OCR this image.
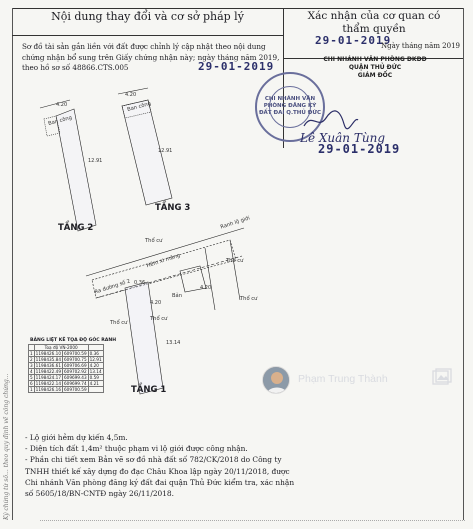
Ký chứng từ số... theo quy định về công chứng...
Nội dung thay đổi và cơ sở pháp lý	Xác nhận của cơ quan có
thẩm quyền
Sơ đồ tài sản gắn liền với đất được chỉnh lý cập nhật theo nội dung chứng nhận bổ sung trên Giấy chứng nhận này; ngày tháng năm 2019, theo hồ sơ số 48866.CTS.005	29-01-2019
29-01-2019
29-01-2019
Ngày tháng năm 2019
CHI NHÁNH VĂN PHÒNG ĐKĐĐ
QUẬN THỦ ĐỨC
GIÁM ĐỐC
CHI NHÁNH VĂN PHÒNG ĐĂNG KÝ ĐẤT ĐAI Q.THỦ ĐỨC
Lê Xuân Tùng
4.20
12.91
Ban công
4.20
12.91
Ban công
TẦNG 2
TẦNG 3
Thổ cư
Ranh lộ giới
Hẻm xi măng
Ra đường số 2
Thổ cư
Thổ cư
Thổ cư
Thổ cư
Bản
0.36
4.20
13.14
4.20
TẦNG 1
BẢNG LIỆT KÊ TỌA ĐỘ GÓC RANH
	Toạ độ VN-2000		
1	1198426.10	609700.59	0.36
2	1198435.84	609700.75	12.91
3	1198436.61	609706.69	4.20
4	1198422.49	609702.92	13.14
5	1198424.17	609699.43	0.59
6	1198422.14	609699.74	4.21
1	1198426.16	609700.59	
Phạm Trung Thành
- Lộ giới hẻm dự kiến 4,5m.
- Diện tích đất 1,4m² thuộc phạm vi lộ giới được công nhận.
- Phần chi tiết xem Bản vẽ sơ đồ nhà đất số 782/CK/2018 do Công ty TNHH thiết kế xây dựng đo đạc Châu Khoa lập ngày 20/11/2018, được Chi nhánh Văn phòng đăng ký đất đai quận Thủ Đức kiểm tra, xác nhận số 5605/18/BN-CNTĐ ngày 26/11/2018.
